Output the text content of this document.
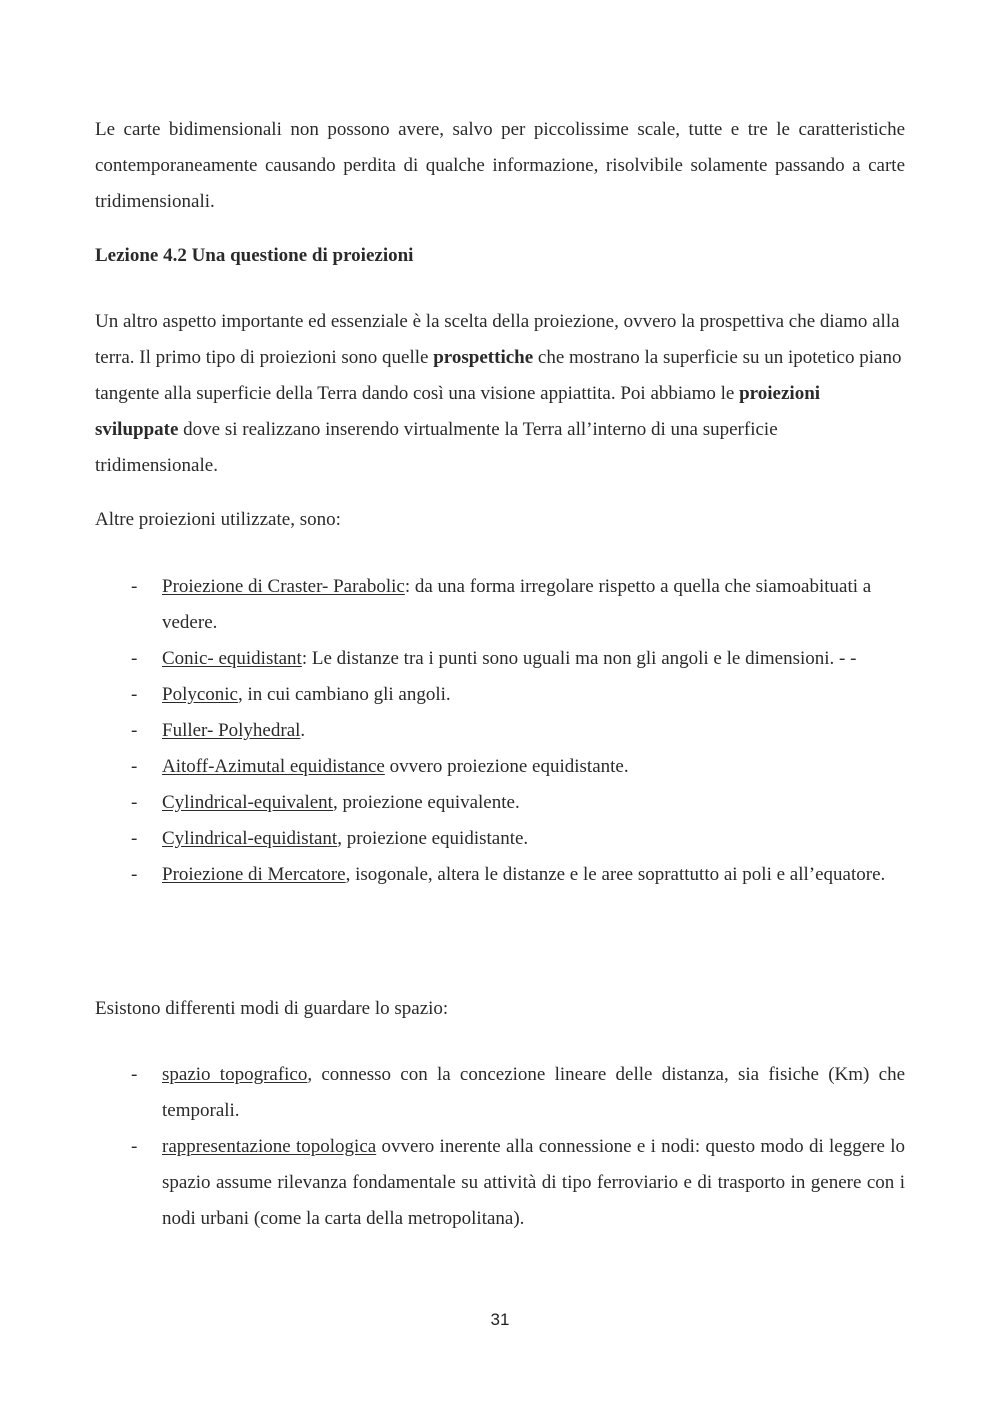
Le carte bidimensionali non possono avere, salvo per piccolissime scale, tutte e tre le caratteristiche contemporaneamente causando perdita di qualche informazione, risolvibile solamente passando a carte tridimensionali.

Lezione 4.2 Una questione di proiezioni

Un altro aspetto importante ed essenziale è la scelta della proiezione, ovvero la prospettiva che diamo alla terra. Il primo tipo di proiezioni sono quelle prospettiche che mostrano la superficie su un ipotetico piano tangente alla superficie della Terra dando così una visione appiattita. Poi abbiamo le proiezioni sviluppate dove si realizzano inserendo virtualmente la Terra all’interno di una superficie tridimensionale.

Altre proiezioni utilizzate, sono:

- Proiezione di Craster- Parabolic: da una forma irregolare rispetto a quella che siamoabituati a vedere.
- Conic- equidistant: Le distanze tra i punti sono uguali ma non gli angoli e le dimensioni. - -
- Polyconic, in cui cambiano gli angoli.
- Fuller- Polyhedral.
- Aitoff-Azimutal equidistance ovvero proiezione equidistante.
- Cylindrical-equivalent, proiezione equivalente.
- Cylindrical-equidistant, proiezione equidistante.
- Proiezione di Mercatore, isogonale, altera le distanze e le aree soprattutto ai poli e all’equatore.

Esistono differenti modi di guardare lo spazio:

- spazio topografico, connesso con la concezione lineare delle distanza, sia fisiche (Km) che temporali.
- rappresentazione topologica ovvero inerente alla connessione e i nodi: questo modo di leggere lo spazio assume rilevanza fondamentale su attività di tipo ferroviario e di trasporto in genere con i nodi urbani (come la carta della metropolitana).
31
